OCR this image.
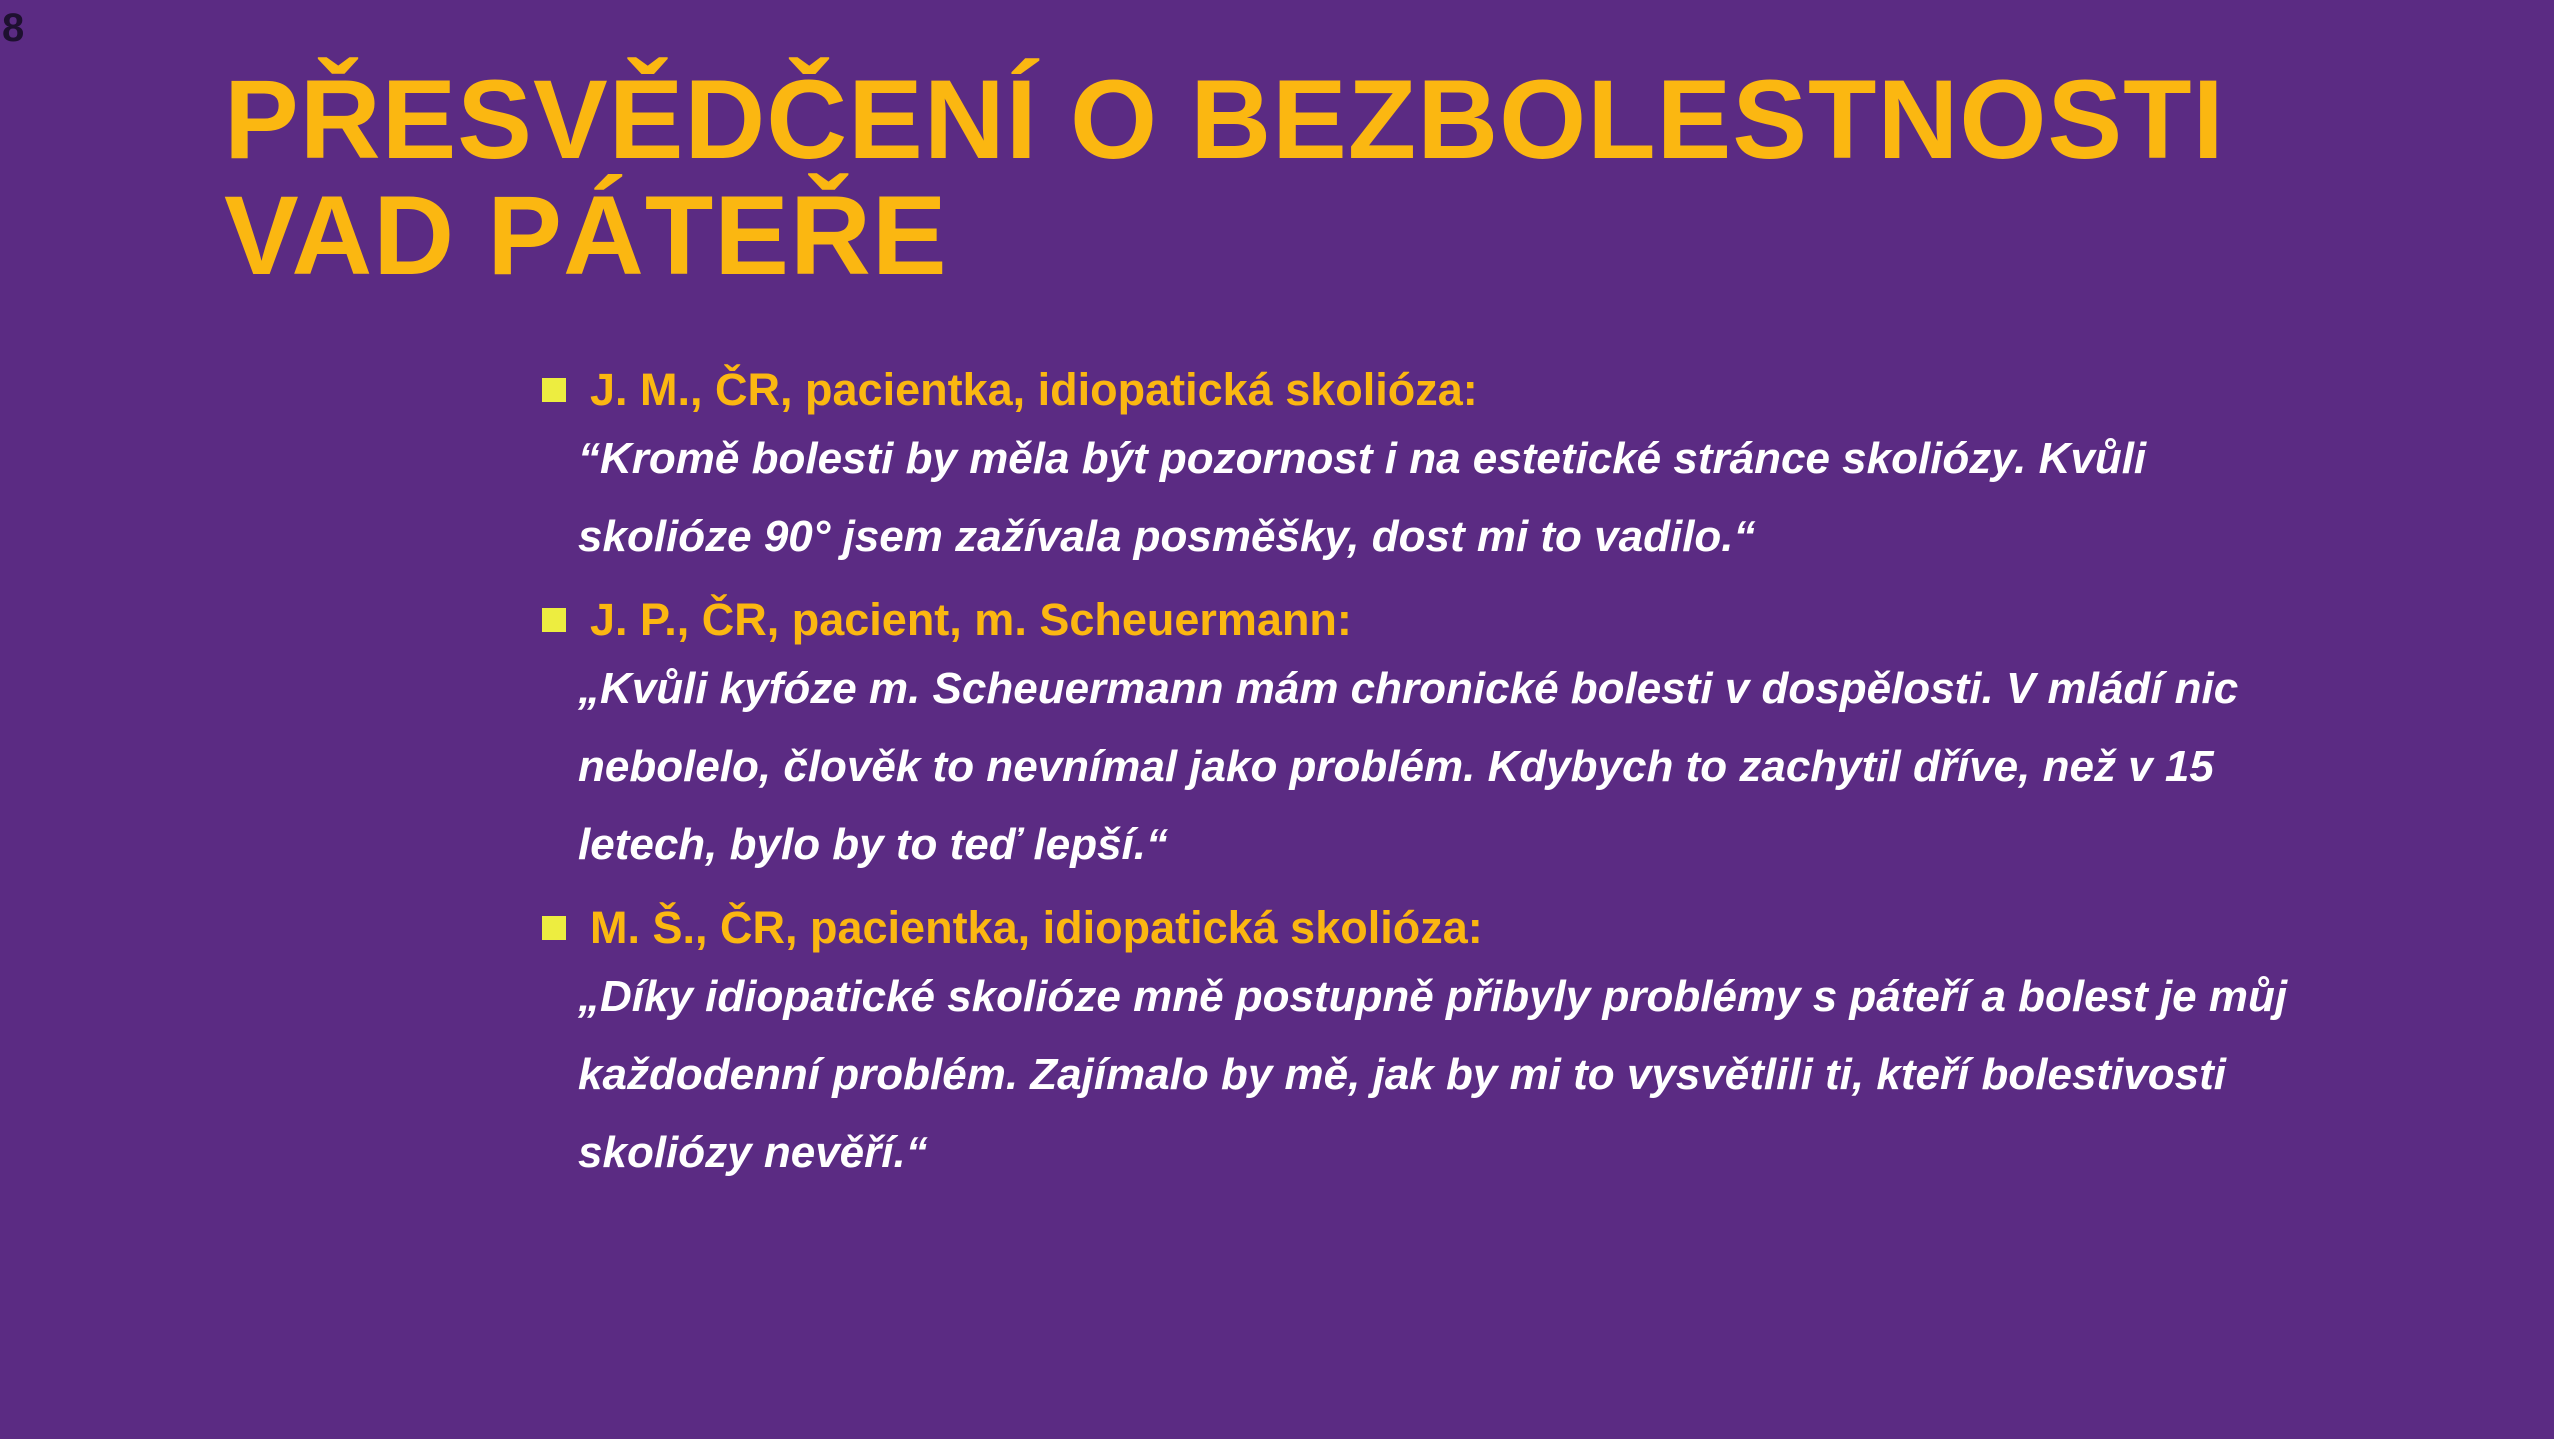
8
PŘESVĚDČENÍ O BEZBOLESTNOSTI
VAD PÁTEŘE
J. M., ČR, pacientka, idiopatická skolióza:
“Kromě bolesti by měla být pozornost i na estetické stránce skoliózy. Kvůli
skolióze 90° jsem zažívala posměšky, dost mi to vadilo.“
J. P., ČR, pacient, m. Scheuermann:
„Kvůli kyfóze m. Scheuermann mám chronické bolesti v dospělosti. V mládí nic
nebolelo, člověk to nevnímal jako problém. Kdybych to zachytil dříve, než v 15
letech, bylo by to teď lepší.“
M. Š., ČR, pacientka, idiopatická skolióza:
„Díky idiopatické skolióze mně postupně přibyly problémy s páteří a bolest je můj
každodenní problém. Zajímalo by mě, jak by mi to vysvětlili ti, kteří bolestivosti
skoliózy nevěří.“
